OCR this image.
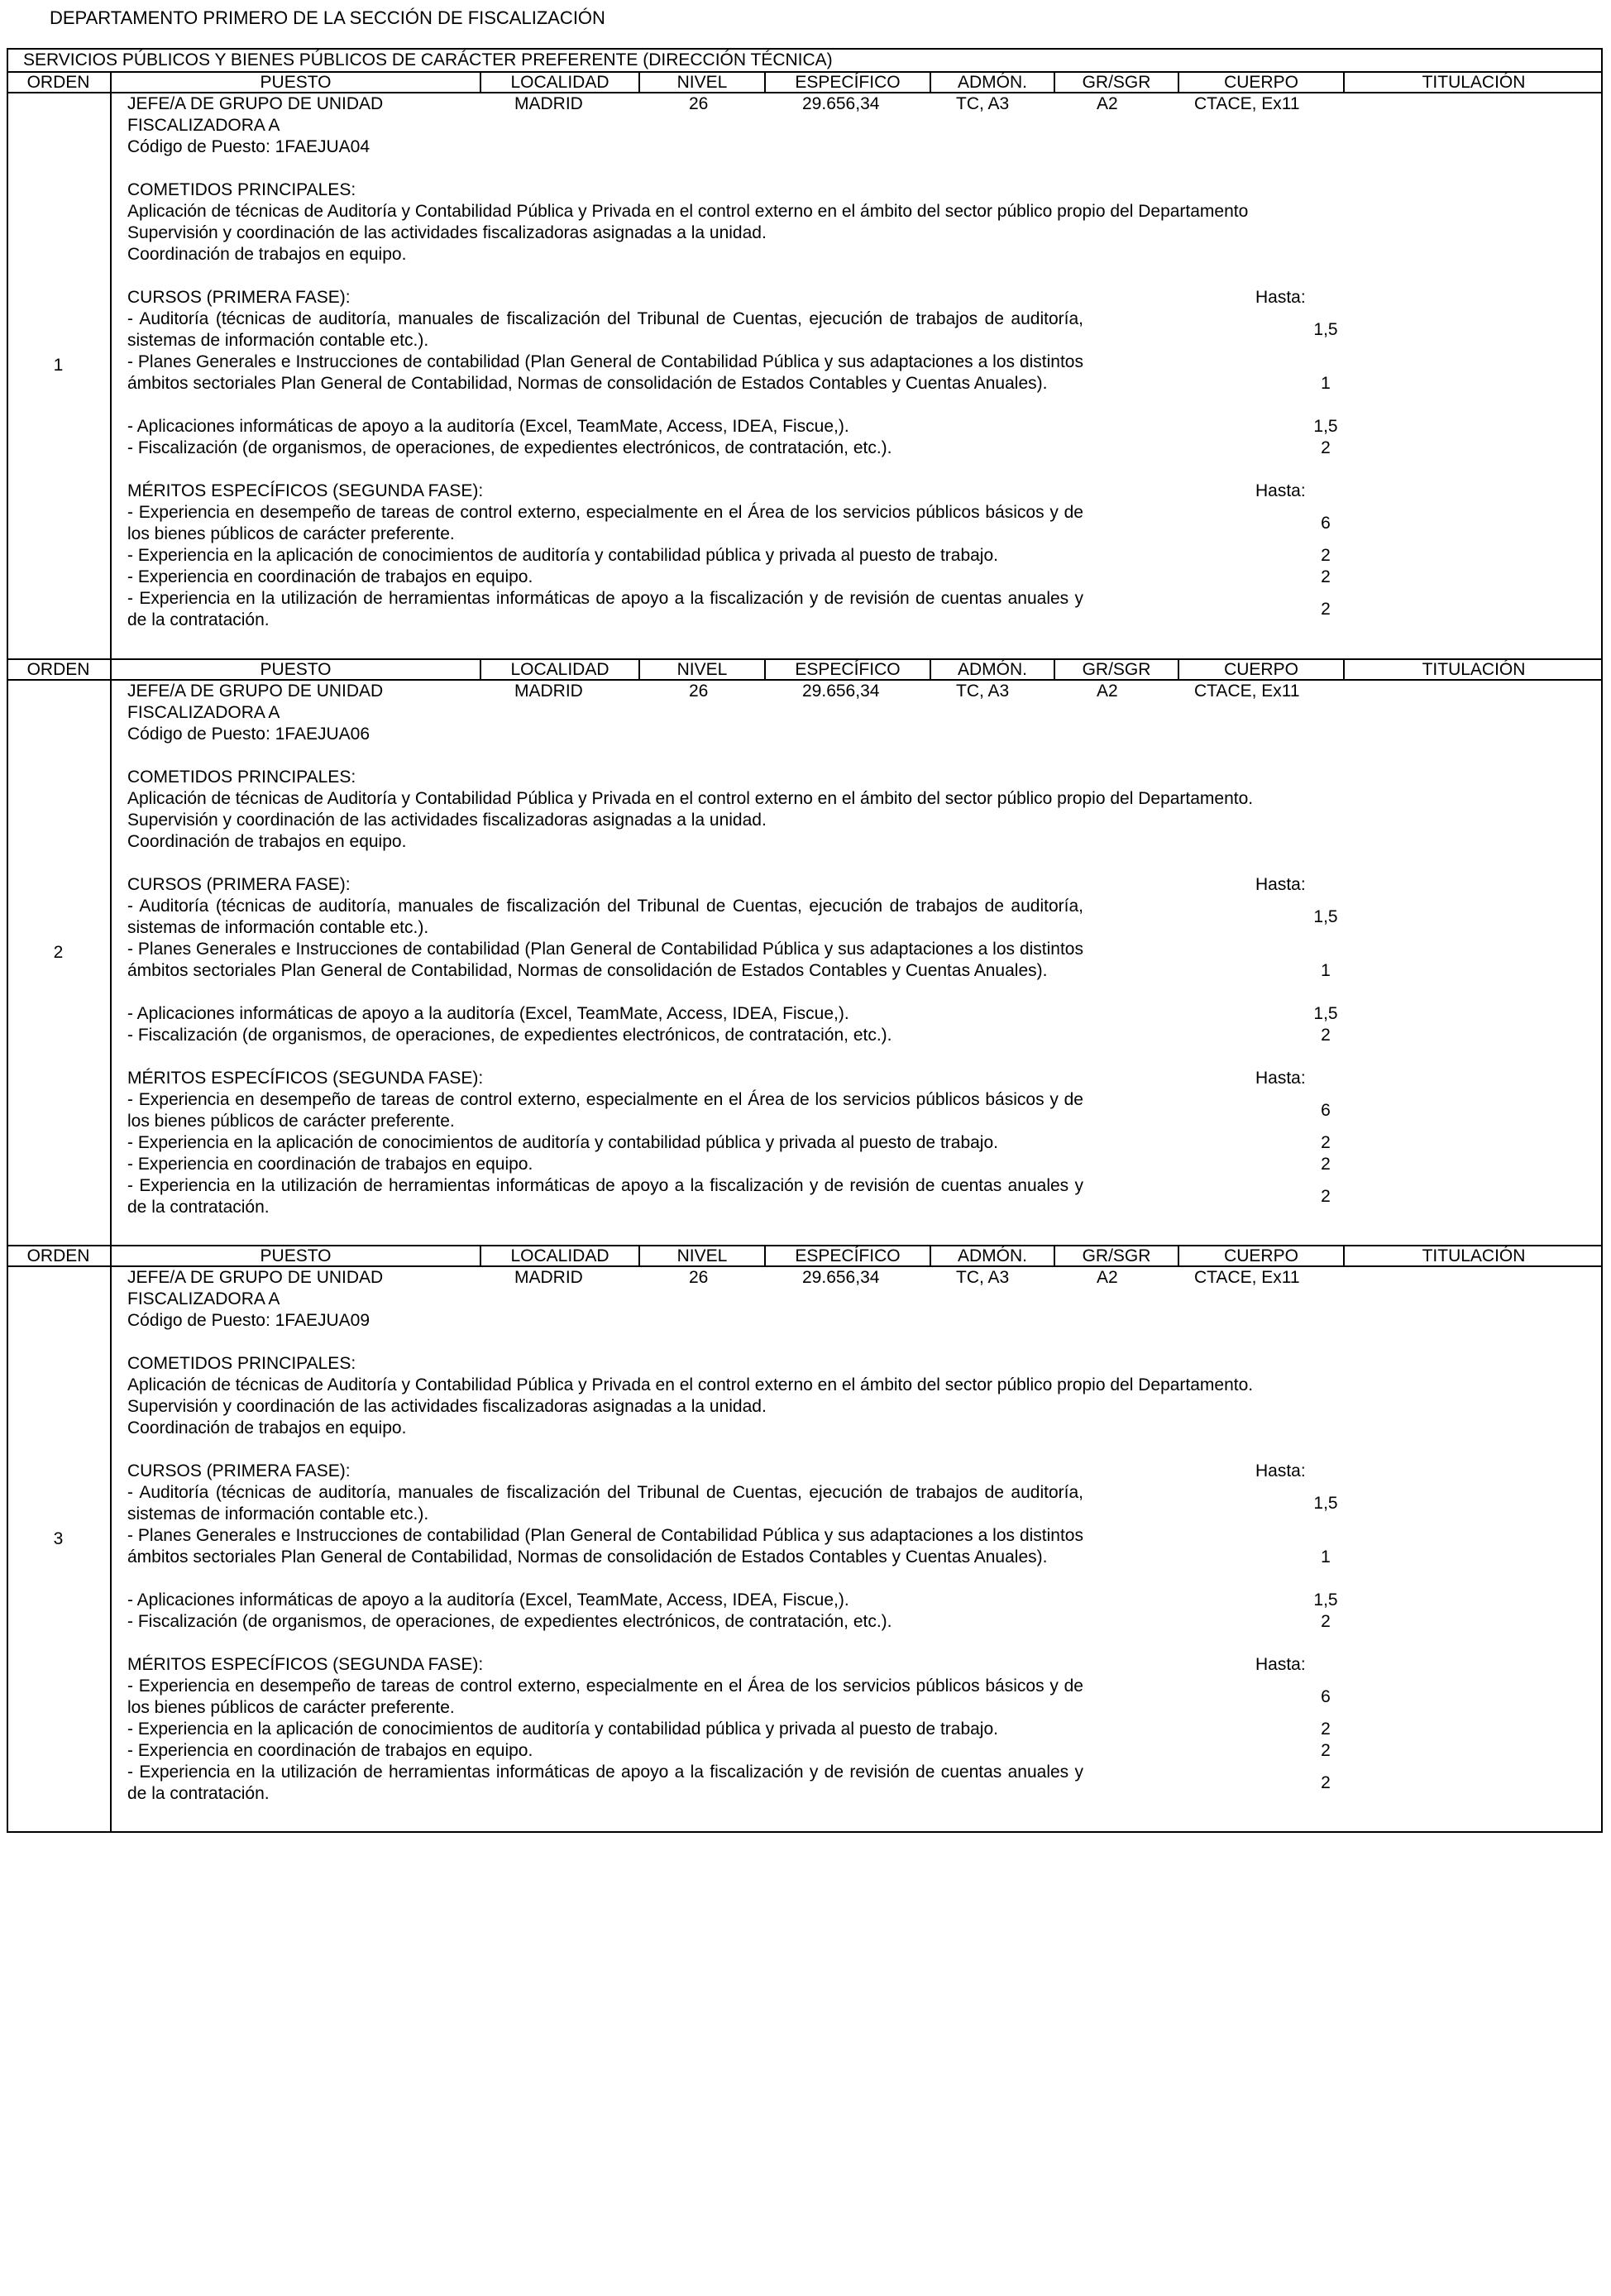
DEPARTAMENTO PRIMERO DE LA SECCIÓN DE FISCALIZACIÓN
SERVICIOS PÚBLICOS Y BIENES PÚBLICOS DE CARÁCTER PREFERENTE (DIRECCIÓN TÉCNICA)
ORDEN	PUESTO	LOCALIDAD	NIVEL	ESPECÍFICO	ADMÓN.	GR/SGR	CUERPO	TITULACIÓN
1
JEFE/A DE GRUPO DE UNIDAD
FISCALIZADORA A
Código de Puesto: 1FAEJUA04
MADRID	26	29.656,34	TC, A3	A2	CTACE, Ex11
COMETIDOS PRINCIPALES:
Aplicación de técnicas de Auditoría y Contabilidad Pública y Privada en el control externo en el ámbito del sector público propio del Departamento
Supervisión y coordinación de las actividades fiscalizadoras asignadas a la unidad.
Coordinación de trabajos en equipo.
CURSOS (PRIMERA FASE):	Hasta:
- Auditoría (técnicas de auditoría, manuales de fiscalización del Tribunal de Cuentas, ejecución de trabajos de auditoría, sistemas de información contable etc.).
1,5
- Planes Generales e Instrucciones de contabilidad (Plan General de Contabilidad Pública y sus adaptaciones a los distintos ámbitos sectoriales Plan General de Contabilidad, Normas de consolidación de Estados Contables y Cuentas Anuales).	1
- Aplicaciones informáticas de apoyo a la auditoría (Excel, TeamMate, Access, IDEA, Fiscue,).	1,5
- Fiscalización (de organismos, de operaciones, de expedientes electrónicos, de contratación, etc.).	2
MÉRITOS ESPECÍFICOS (SEGUNDA FASE):	Hasta:
- Experiencia en desempeño de tareas de control externo, especialmente en el Área de los servicios públicos básicos y de los bienes públicos de carácter preferente.
6
- Experiencia en la aplicación de conocimientos de auditoría y contabilidad pública y privada al puesto de trabajo.	2
- Experiencia en coordinación de trabajos en equipo.	2
- Experiencia en la utilización de herramientas informáticas de apoyo a la fiscalización y de revisión de cuentas anuales y de la contratación.
2
ORDEN	PUESTO	LOCALIDAD	NIVEL	ESPECÍFICO	ADMÓN.	GR/SGR	CUERPO	TITULACIÓN
2
JEFE/A DE GRUPO DE UNIDAD
FISCALIZADORA A
Código de Puesto: 1FAEJUA06
MADRID	26	29.656,34	TC, A3	A2	CTACE, Ex11
COMETIDOS PRINCIPALES:
Aplicación de técnicas de Auditoría y Contabilidad Pública y Privada en el control externo en el ámbito del sector público propio del Departamento.
Supervisión y coordinación de las actividades fiscalizadoras asignadas a la unidad.
Coordinación de trabajos en equipo.
CURSOS (PRIMERA FASE):	Hasta:
- Auditoría (técnicas de auditoría, manuales de fiscalización del Tribunal de Cuentas, ejecución de trabajos de auditoría, sistemas de información contable etc.).
1,5
- Planes Generales e Instrucciones de contabilidad (Plan General de Contabilidad Pública y sus adaptaciones a los distintos ámbitos sectoriales Plan General de Contabilidad, Normas de consolidación de Estados Contables y Cuentas Anuales).	1
- Aplicaciones informáticas de apoyo a la auditoría (Excel, TeamMate, Access, IDEA, Fiscue,).	1,5
- Fiscalización (de organismos, de operaciones, de expedientes electrónicos, de contratación, etc.).	2
MÉRITOS ESPECÍFICOS (SEGUNDA FASE):	Hasta:
- Experiencia en desempeño de tareas de control externo, especialmente en el Área de los servicios públicos básicos y de los bienes públicos de carácter preferente.
6
- Experiencia en la aplicación de conocimientos de auditoría y contabilidad pública y privada al puesto de trabajo.	2
- Experiencia en coordinación de trabajos en equipo.	2
- Experiencia en la utilización de herramientas informáticas de apoyo a la fiscalización y de revisión de cuentas anuales y de la contratación.
2
ORDEN	PUESTO	LOCALIDAD	NIVEL	ESPECÍFICO	ADMÓN.	GR/SGR	CUERPO	TITULACIÓN
3
JEFE/A DE GRUPO DE UNIDAD
FISCALIZADORA A
Código de Puesto: 1FAEJUA09
MADRID	26	29.656,34	TC, A3	A2	CTACE, Ex11
COMETIDOS PRINCIPALES:
Aplicación de técnicas de Auditoría y Contabilidad Pública y Privada en el control externo en el ámbito del sector público propio del Departamento.
Supervisión y coordinación de las actividades fiscalizadoras asignadas a la unidad.
Coordinación de trabajos en equipo.
CURSOS (PRIMERA FASE):	Hasta:
- Auditoría (técnicas de auditoría, manuales de fiscalización del Tribunal de Cuentas, ejecución de trabajos de auditoría, sistemas de información contable etc.).
1,5
- Planes Generales e Instrucciones de contabilidad (Plan General de Contabilidad Pública y sus adaptaciones a los distintos ámbitos sectoriales Plan General de Contabilidad, Normas de consolidación de Estados Contables y Cuentas Anuales).	1
- Aplicaciones informáticas de apoyo a la auditoría (Excel, TeamMate, Access, IDEA, Fiscue,).	1,5
- Fiscalización (de organismos, de operaciones, de expedientes electrónicos, de contratación, etc.).	2
MÉRITOS ESPECÍFICOS (SEGUNDA FASE):	Hasta:
- Experiencia en desempeño de tareas de control externo, especialmente en el Área de los servicios públicos básicos y de los bienes públicos de carácter preferente.
6
- Experiencia en la aplicación de conocimientos de auditoría y contabilidad pública y privada al puesto de trabajo.	2
- Experiencia en coordinación de trabajos en equipo.	2
- Experiencia en la utilización de herramientas informáticas de apoyo a la fiscalización y de revisión de cuentas anuales y de la contratación.
2
